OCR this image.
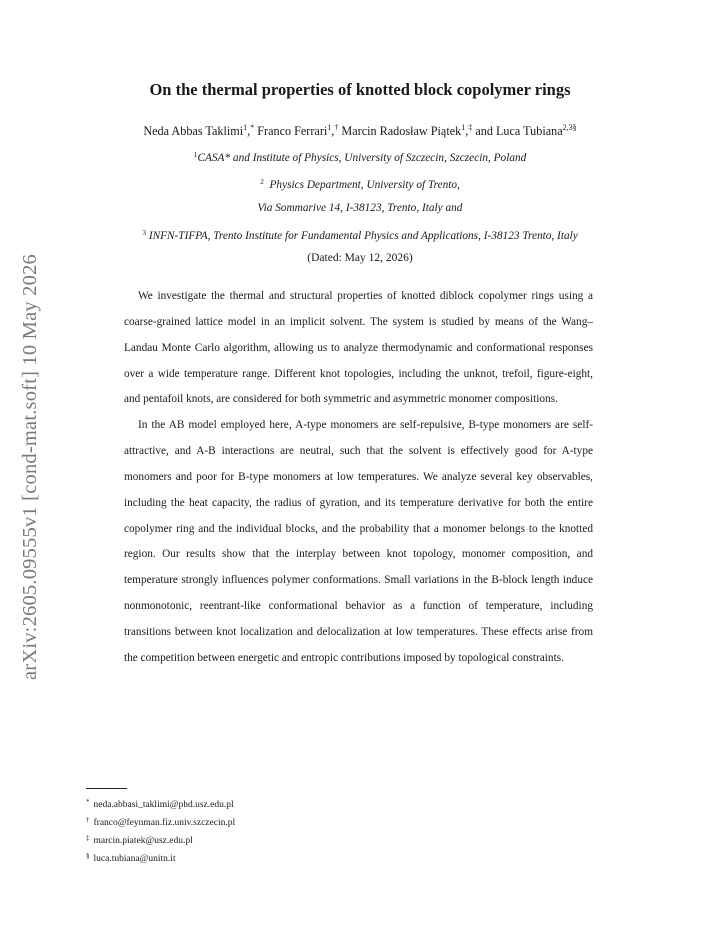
arXiv:2605.09555v1 [cond-mat.soft] 10 May 2026
On the thermal properties of knotted block copolymer rings
Neda Abbas Taklimi$^1$,* Franco Ferrari$^1$,† Marcin Radosław Piątek$^1$,‡ and Luca Tubiana$^{2,3\S}$
$^1$CASA* and Institute of Physics, University of Szczecin, Szczecin, Poland
$^2$ Physics Department, University of Trento,
Via Sommarive 14, I-38123, Trento, Italy and
$^3$ INFN-TIFPA, Trento Institute for Fundamental Physics and Applications, I-38123 Trento, Italy
(Dated: May 12, 2026)

We investigate the thermal and structural properties of knotted diblock copolymer rings using a coarse-grained lattice model in an implicit solvent. The system is studied by means of the Wang–Landau Monte Carlo algorithm, allowing us to analyze thermodynamic and conformational responses over a wide temperature range. Different knot topologies, including the unknot, trefoil, figure-eight, and pentafoil knots, are considered for both symmetric and asymmetric monomer compositions.

In the AB model employed here, A-type monomers are self-repulsive, B-type monomers are self-attractive, and A-B interactions are neutral, such that the solvent is effectively good for A-type monomers and poor for B-type monomers at low temperatures. We analyze several key observables, including the heat capacity, the radius of gyration, and its temperature derivative for both the entire copolymer ring and the individual blocks, and the probability that a monomer belongs to the knotted region. Our results show that the interplay between knot topology, monomer composition, and temperature strongly influences polymer conformations. Small variations in the B-block length induce nonmonotonic, reentrant-like conformational behavior as a function of temperature, including transitions between knot localization and delocalization at low temperatures. These effects arise from the competition between energetic and entropic contributions imposed by topological constraints.

* neda.abbasi_taklimi@phd.usz.edu.pl
† franco@feynman.fiz.univ.szczecin.pl
‡ marcin.piatek@usz.edu.pl
§ luca.tubiana@unitn.it
